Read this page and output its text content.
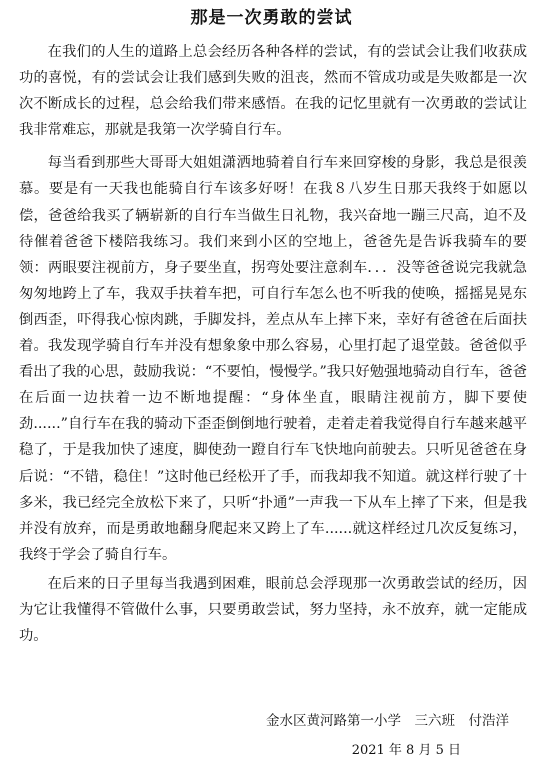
那是一次勇敢的尝试

在我们的人生的道路上总会经历各种各样的尝试，有的尝试会让我们收获成功的喜悦，有的尝试会让我们感到失败的沮丧，然而不管成功或是失败都是一次次不断成长的过程，总会给我们带来感悟。在我的记忆里就有一次勇敢的尝试让我非常难忘，那就是我第一次学骑自行车。

每当看到那些大哥哥大姐姐潇洒地骑着自行车来回穿梭的身影，我总是很羡慕。要是有一天我也能骑自行车该多好呀！在我８八岁生日那天我终于如愿以偿，爸爸给我买了辆崭新的自行车当做生日礼物，我兴奋地一蹦三尺高，迫不及待催着爸爸下楼陪我练习。我们来到小区的空地上，爸爸先是告诉我骑车的要领：两眼要注视前方，身子要坐直，拐弯处要注意刹车．．．没等爸爸说完我就急匆匆地跨上了车，我双手扶着车把，可自行车怎么也不听我的使唤，摇摇晃晃东倒西歪，吓得我心惊肉跳，手脚发抖，差点从车上摔下来，幸好有爸爸在后面扶着。我发现学骑自行车并没有想象象中那么容易，心里打起了退堂鼓。爸爸似乎看出了我的心思，鼓励我说：“不要怕，慢慢学。”我只好勉强地骑动自行车，爸爸在后面一边扶着一边不断地提醒：“身体坐直，眼睛注视前方，脚下要使劲......”自行车在我的骑动下歪歪倒倒地行驶着，走着走着我觉得自行车越来越平稳了，于是我加快了速度，脚使劲一蹬自行车飞快地向前驶去。只听见爸爸在身后说：“不错，稳住！”这时他已经松开了手，而我却我不知道。就这样行驶了十多米，我已经完全放松下来了，只听“扑通”一声我一下从车上摔了下来，但是我并没有放弃，而是勇敢地翻身爬起来又跨上了车......就这样经过几次反复练习，我终于学会了骑自行车。

在后来的日子里每当我遇到困难，眼前总会浮现那一次勇敢尝试的经历，因为它让我懂得不管做什么事，只要勇敢尝试，努力坚持，永不放弃，就一定能成功。

金水区黄河路第一小学　三六班　付浩洋
2021 年 8 月 5 日
